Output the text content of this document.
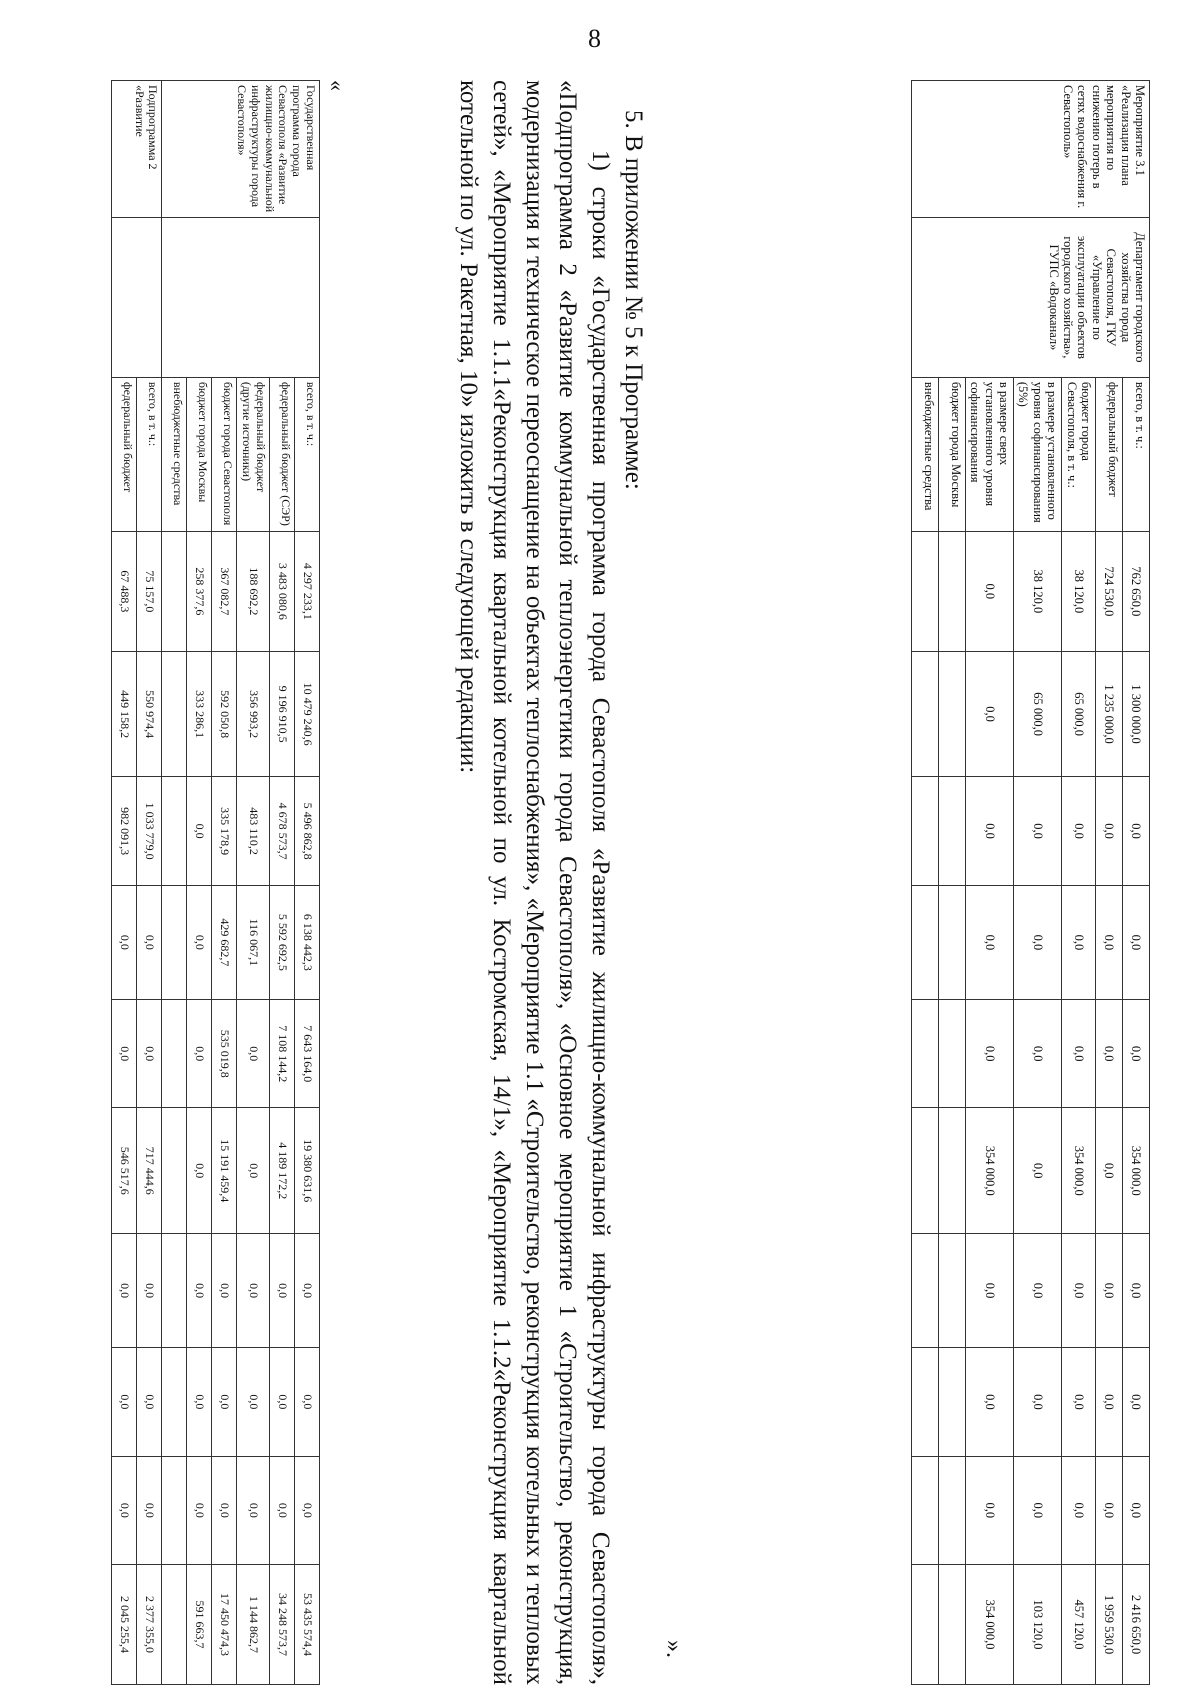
8
Мероприятие 3.1 «Реализация плана мероприятия по снижению потерь в сетях водоснабжения г. Севастополь»	Департамент городского хозяйства города Севастополя, ГКУ «Управление по эксплуатации объектов городского хозяйства», ГУПС «Водоканал»	всего, в т. ч.:	762 650,0	1 300 000,0	0,0	0,0	0,0	354 000,0	0,0	0,0	0,0	2 416 650,0
		федеральный бюджет	724 530,0	1 235 000,0	0,0	0,0	0,0	0,0	0,0	0,0	0,0	1 959 530,0
		бюджет города Севастополя, в т. ч.:	38 120,0	65 000,0	0,0	0,0	0,0	354 000,0	0,0	0,0	0,0	457 120,0
		в размере установленного уровня софинансирования (5%)	38 120,0	65 000,0	0,0	0,0	0,0	0,0	0,0	0,0	0,0	103 120,0
		в размере сверх установленного уровня софинансирования	0,0	0,0	0,0	0,0	0,0	354 000,0	0,0	0,0	0,0	354 000,0
		бюджет города Москвы										
		внебюджетные средства										
».
5. В приложении № 5 к Программе:
1) строки «Государственная программа города Севастополя «Развитие жилищно-коммунальной инфраструктуры города Севастополя», «Подпрограмма 2 «Развитие коммунальной теплоэнергетики города Севастополя», «Основное мероприятие 1 «Строительство, реконструкция, модернизация и техническое переоснащение на объектах теплоснабжения», «Мероприятие 1.1 «Строительство, реконструкция котельных и тепловых сетей», «Мероприятие 1.1.1«Реконструкция квартальной котельной по ул. Костромская, 14/1», «Мероприятие 1.1.2«Реконструкция квартальной котельной по ул. Ракетная, 10» изложить в следующей редакции:
«
Государственная программа города Севастополя «Развитие жилищно-коммунальной инфраструктуры города Севастополя»		всего, в т. ч.:	4 297 233,1	10 479 240,6	5 496 862,8	6 138 442,3	7 643 164,0	19 380 631,6	0,0	0,0	0,0	53 435 574,4
		федеральный бюджет (СЭР)	3 483 080,6	9 196 910,5	4 678 573,7	5 592 692,5	7 108 144,2	4 189 172,2	0,0	0,0	0,0	34 248 573,7
		федеральный бюджет (другие источники)	188 692,2	356 993,2	483 110,2	116 067,1	0,0	0,0	0,0	0,0	0,0	1 144 862,7
		бюджет города Севастополя	367 082,7	592 050,8	335 178,9	429 682,7	535 019,8	15 191 459,4	0,0	0,0	0,0	17 450 474,3
		бюджет города Москвы	258 377,6	333 286,1	0,0	0,0	0,0	0,0	0,0	0,0	0,0	591 663,7
		внебюджетные средства										
Подпрограмма 2 «Развитие		всего, в т. ч.:	75 157,0	550 974,4	1 033 779,0	0,0	0,0	717 444,6	0,0	0,0	0,0	2 377 355,0
		федеральный бюджет	67 488,3	449 158,2	982 091,3	0,0	0,0	546 517,6	0,0	0,0	0,0	2 045 255,4
